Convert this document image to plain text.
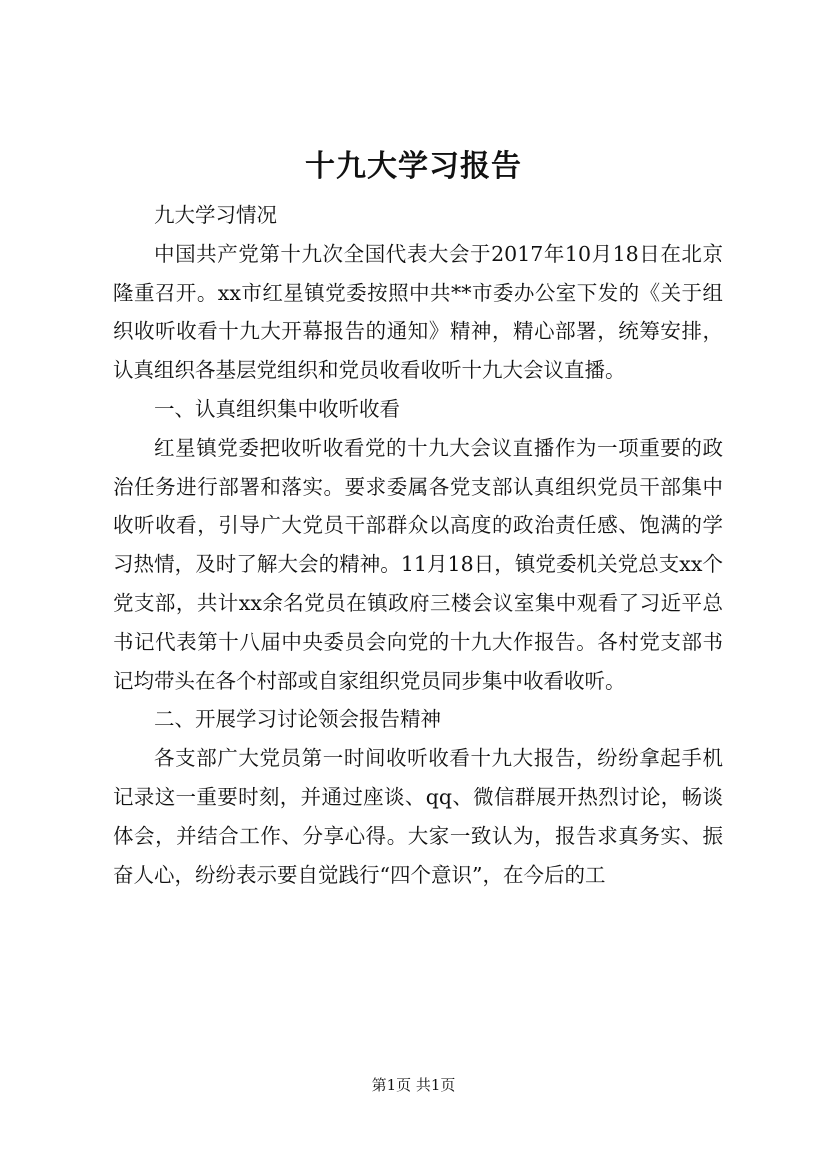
十九大学习报告

九大学习情况

中国共产党第十九次全国代表大会于2017年10月18日在北京隆重召开。xx市红星镇党委按照中共**市委办公室下发的《关于组织收听收看十九大开幕报告的通知》精神，精心部署，统筹安排，认真组织各基层党组织和党员收看收听十九大会议直播。

一、认真组织集中收听收看

红星镇党委把收听收看党的十九大会议直播作为一项重要的政治任务进行部署和落实。要求委属各党支部认真组织党员干部集中收听收看，引导广大党员干部群众以高度的政治责任感、饱满的学习热情，及时了解大会的精神。11月18日，镇党委机关党总支xx个党支部，共计xx余名党员在镇政府三楼会议室集中观看了习近平总书记代表第十八届中央委员会向党的十九大作报告。各村党支部书记均带头在各个村部或自家组织党员同步集中收看收听。

二、开展学习讨论领会报告精神

各支部广大党员第一时间收听收看十九大报告，纷纷拿起手机记录这一重要时刻，并通过座谈、qq、微信群展开热烈讨论，畅谈体会，并结合工作、分享心得。大家一致认为，报告求真务实、振奋人心，纷纷表示要自觉践行“四个意识”，在今后的工

第1页 共1页
